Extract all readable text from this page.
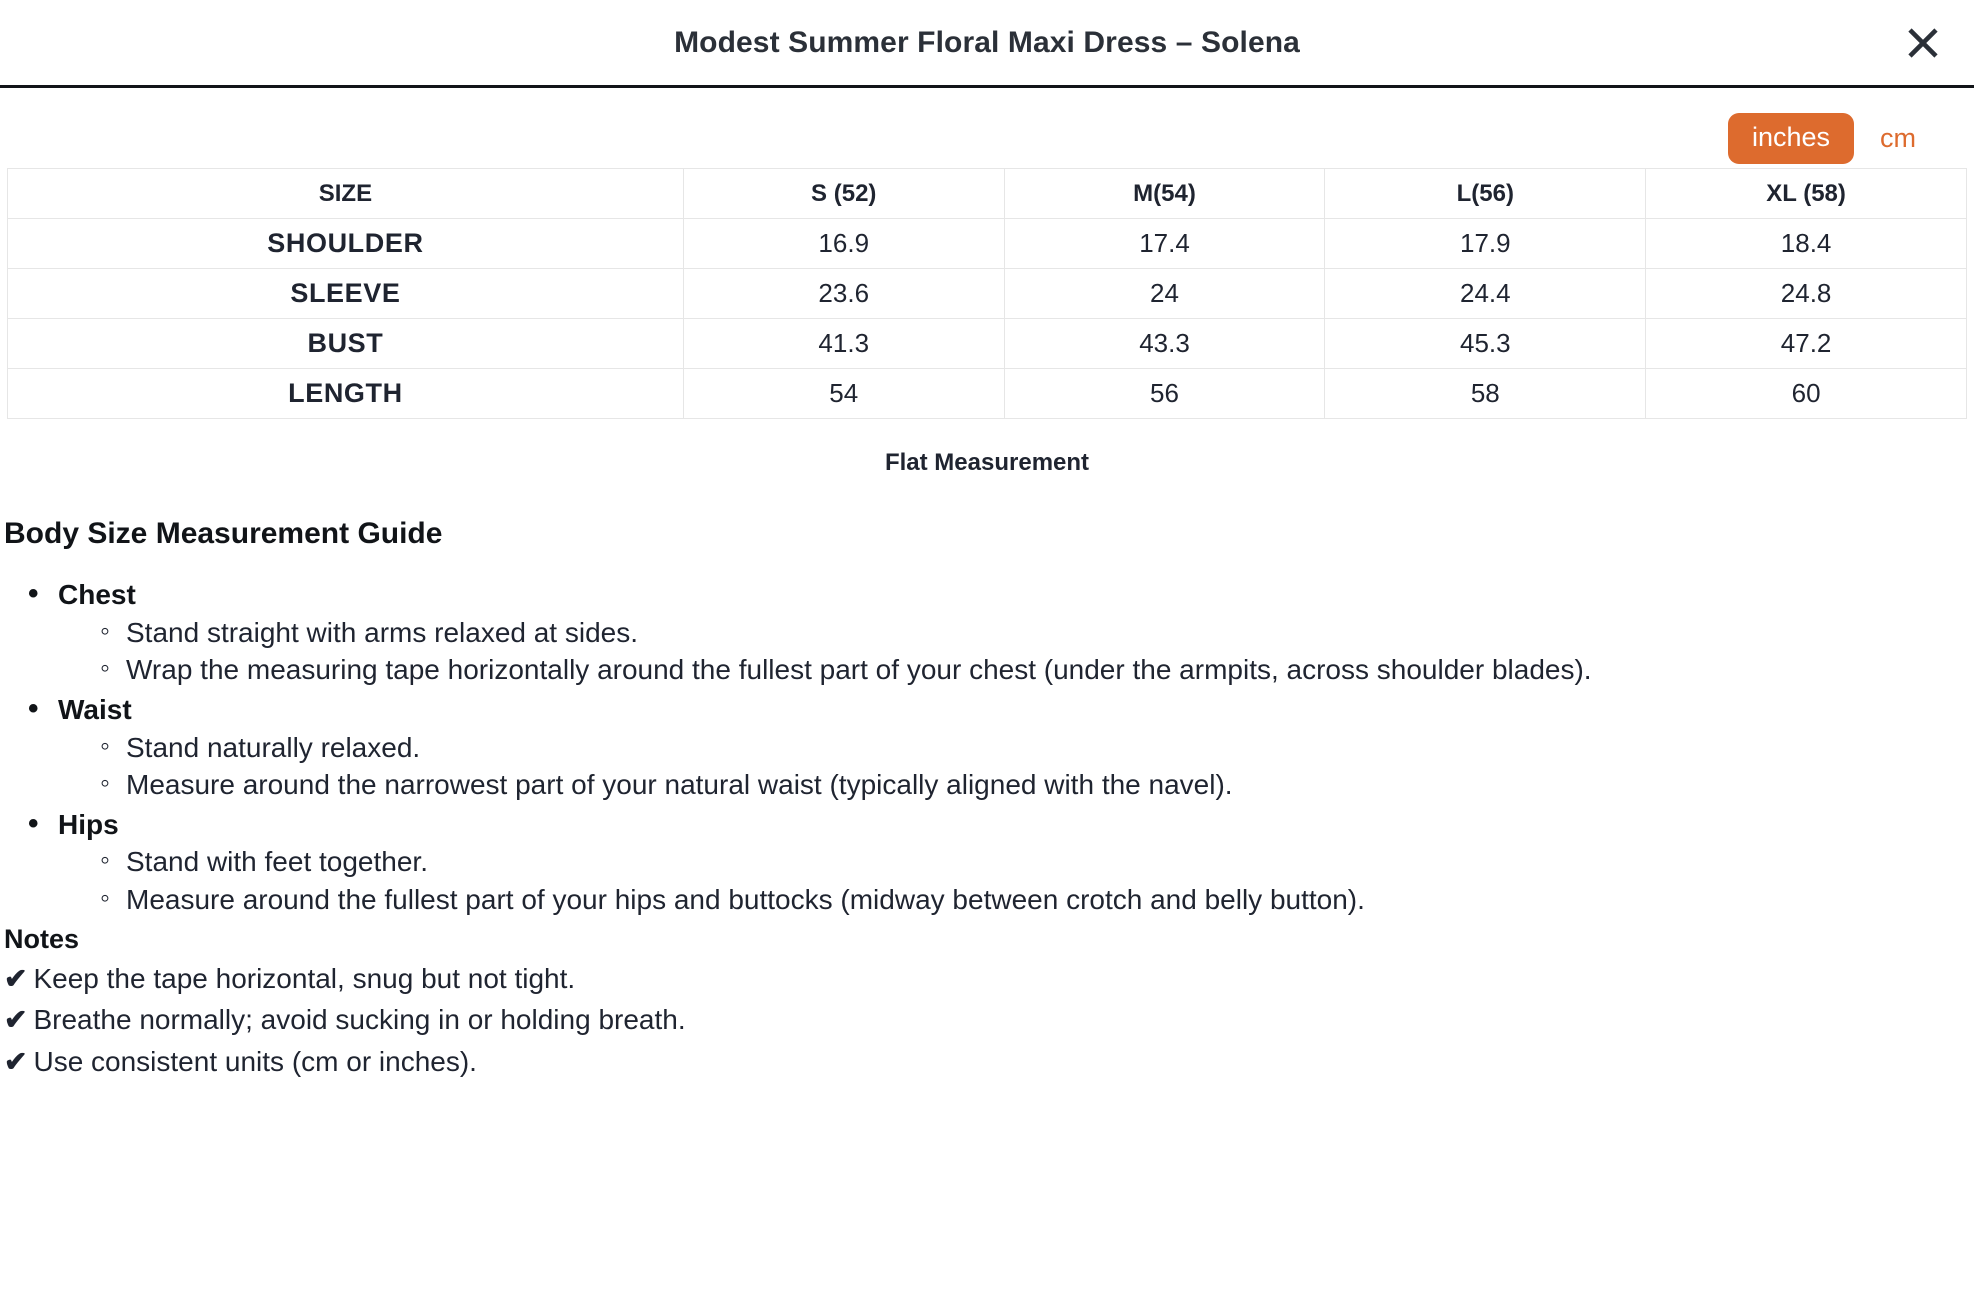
Modest Summer Floral Maxi Dress – Solena
inches	cm
SIZE	S (52)	M(54)	L(56)	XL (58)
SHOULDER	16.9	17.4	17.9	18.4
SLEEVE	23.6	24	24.4	24.8
BUST	41.3	43.3	45.3	47.2
LENGTH	54	56	58	60
Flat Measurement
Body Size Measurement Guide
• Chest
◦ Stand straight with arms relaxed at sides.
◦ Wrap the measuring tape horizontally around the fullest part of your chest (under the armpits, across shoulder blades).
• Waist
◦ Stand naturally relaxed.
◦ Measure around the narrowest part of your natural waist (typically aligned with the navel).
• Hips
◦ Stand with feet together.
◦ Measure around the fullest part of your hips and buttocks (midway between crotch and belly button).
Notes
✔ Keep the tape horizontal, snug but not tight.
✔ Breathe normally; avoid sucking in or holding breath.
✔ Use consistent units (cm or inches).
